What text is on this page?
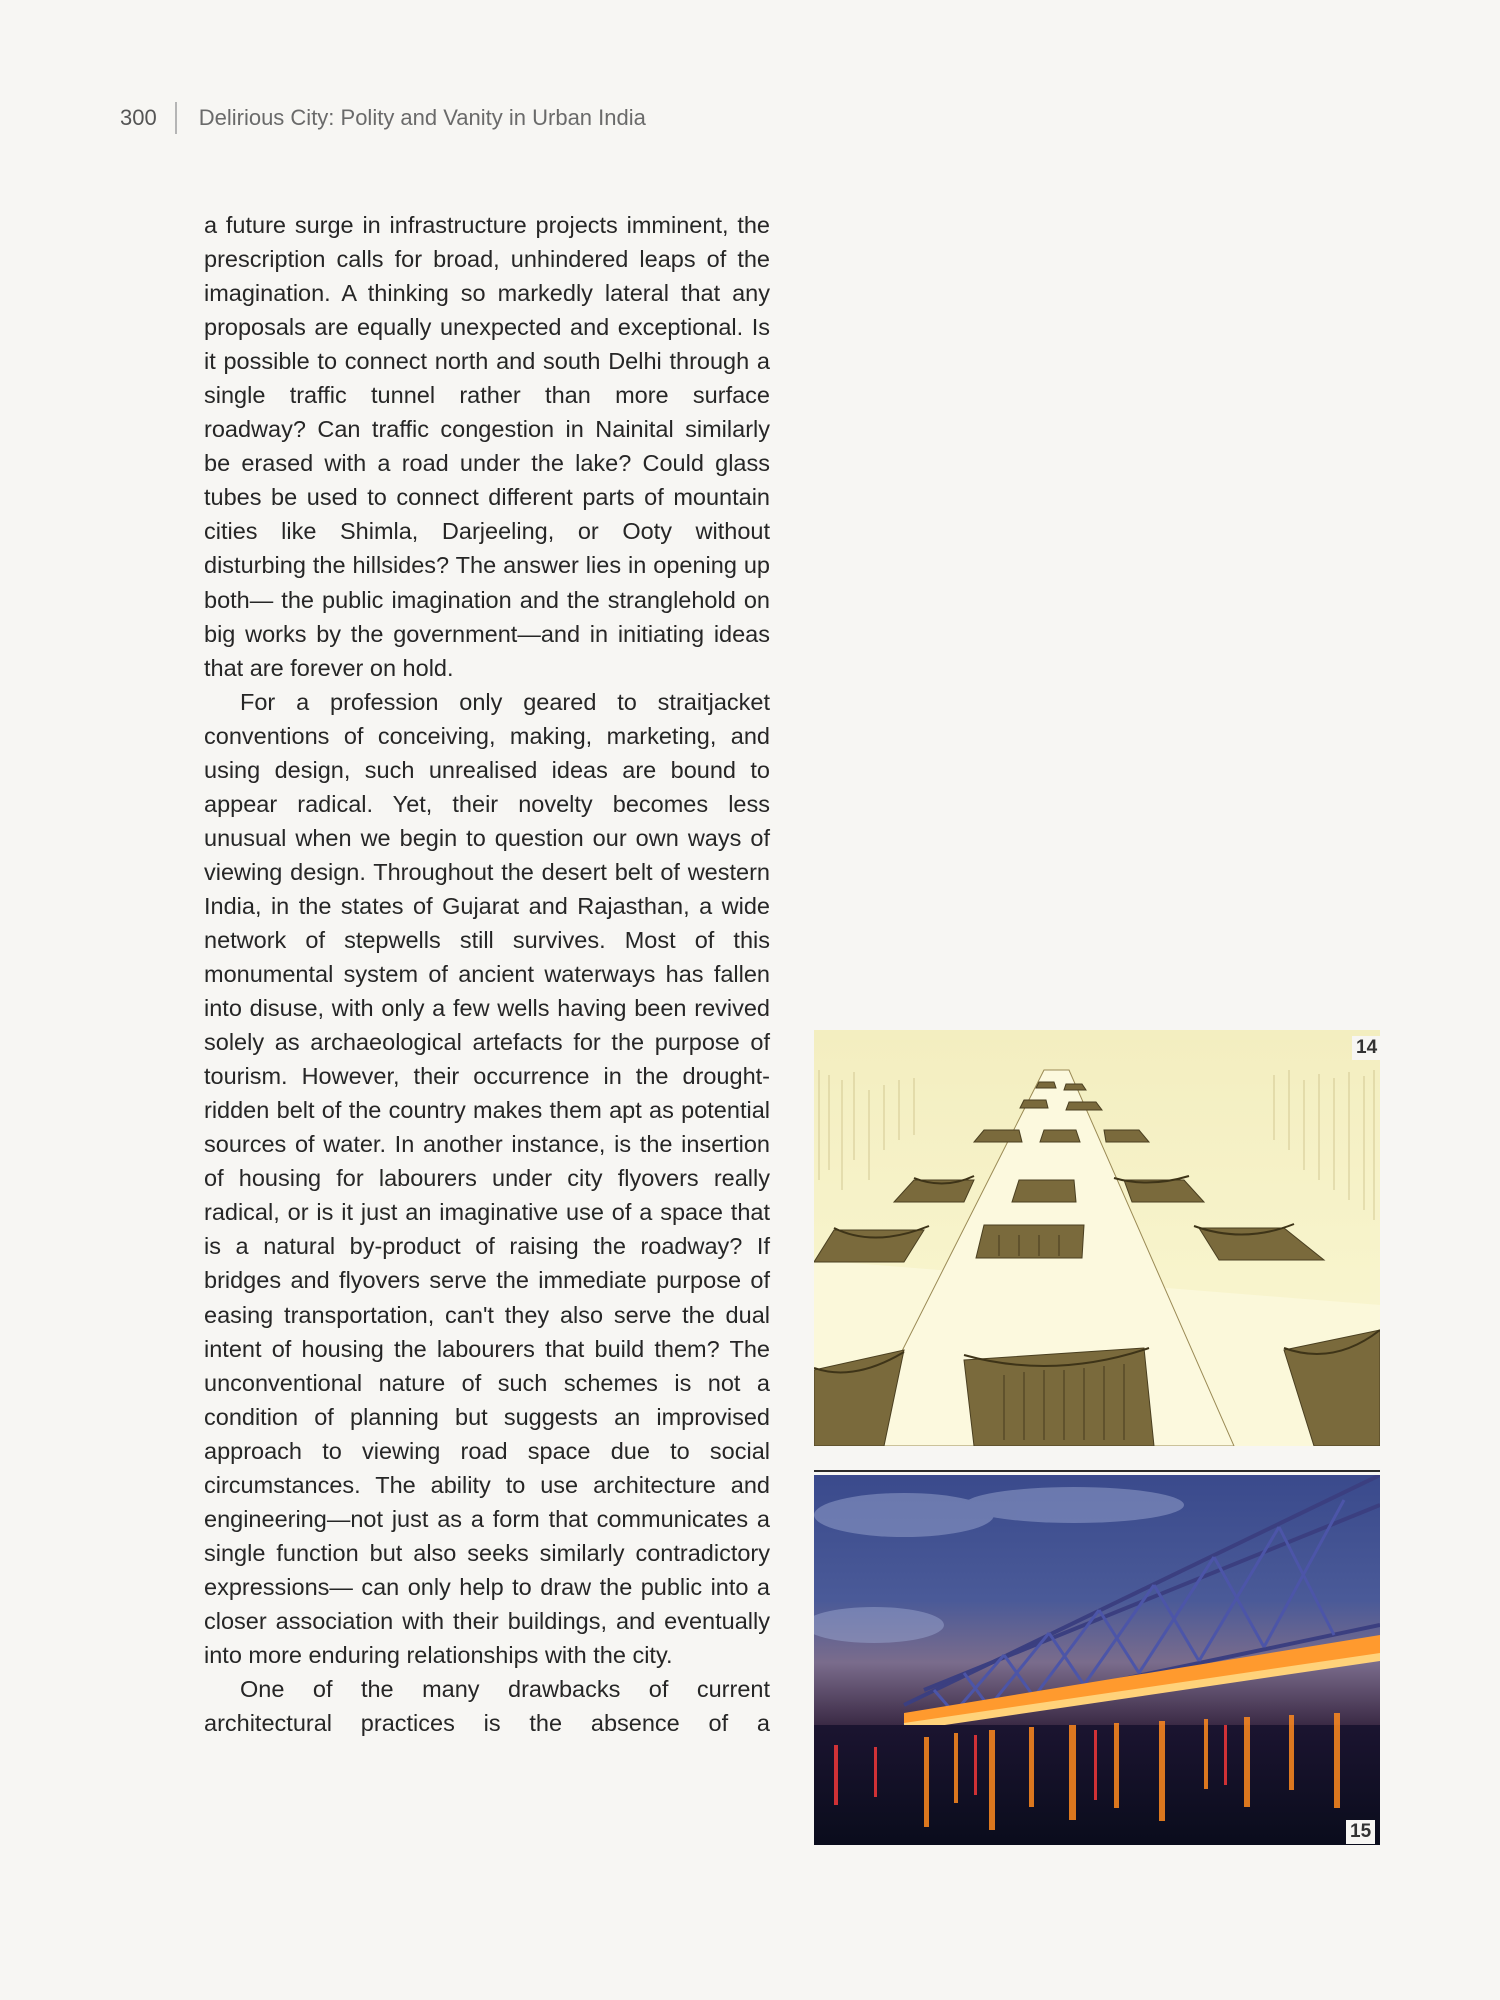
300 Delirious City: Polity and Vanity in Urban India

a future surge in infrastructure projects imminent, the prescription calls for broad, unhindered leaps of the imagination. A thinking so markedly lateral that any proposals are equally unexpected and exceptional. Is it possible to connect north and south Delhi through a single traffic tunnel rather than more surface roadway? Can traffic congestion in Nainital similarly be erased with a road under the lake? Could glass tubes be used to connect different parts of mountain cities like Shimla, Darjeeling, or Ooty without disturbing the hillsides? The answer lies in opening up both— the public imagination and the stranglehold on big works by the government—and in initiating ideas that are forever on hold.

For a profession only geared to straitjacket conventions of conceiving, making, marketing, and using design, such unrealised ideas are bound to appear radical. Yet, their novelty becomes less unusual when we begin to question our own ways of viewing design. Throughout the desert belt of western India, in the states of Gujarat and Rajasthan, a wide network of stepwells still survives. Most of this monumental system of ancient waterways has fallen into disuse, with only a few wells having been revived solely as archaeological artefacts for the purpose of tourism. However, their occurrence in the drought-ridden belt of the country makes them apt as potential sources of water. In another instance, is the insertion of housing for labourers under city flyovers really radical, or is it just an imaginative use of a space that is a natural by-product of raising the roadway? If bridges and flyovers serve the immediate purpose of easing transportation, can't they also serve the dual intent of housing the labourers that build them? The unconventional nature of such schemes is not a condition of planning but suggests an improvised approach to viewing road space due to social circumstances. The ability to use architecture and engineering—not just as a form that communicates a single function but also seeks similarly contradictory expressions— can only help to draw the public into a closer association with their buildings, and eventually into more enduring relationships with the city.

One of the many drawbacks of current architectural practices is the absence of a

14
15
